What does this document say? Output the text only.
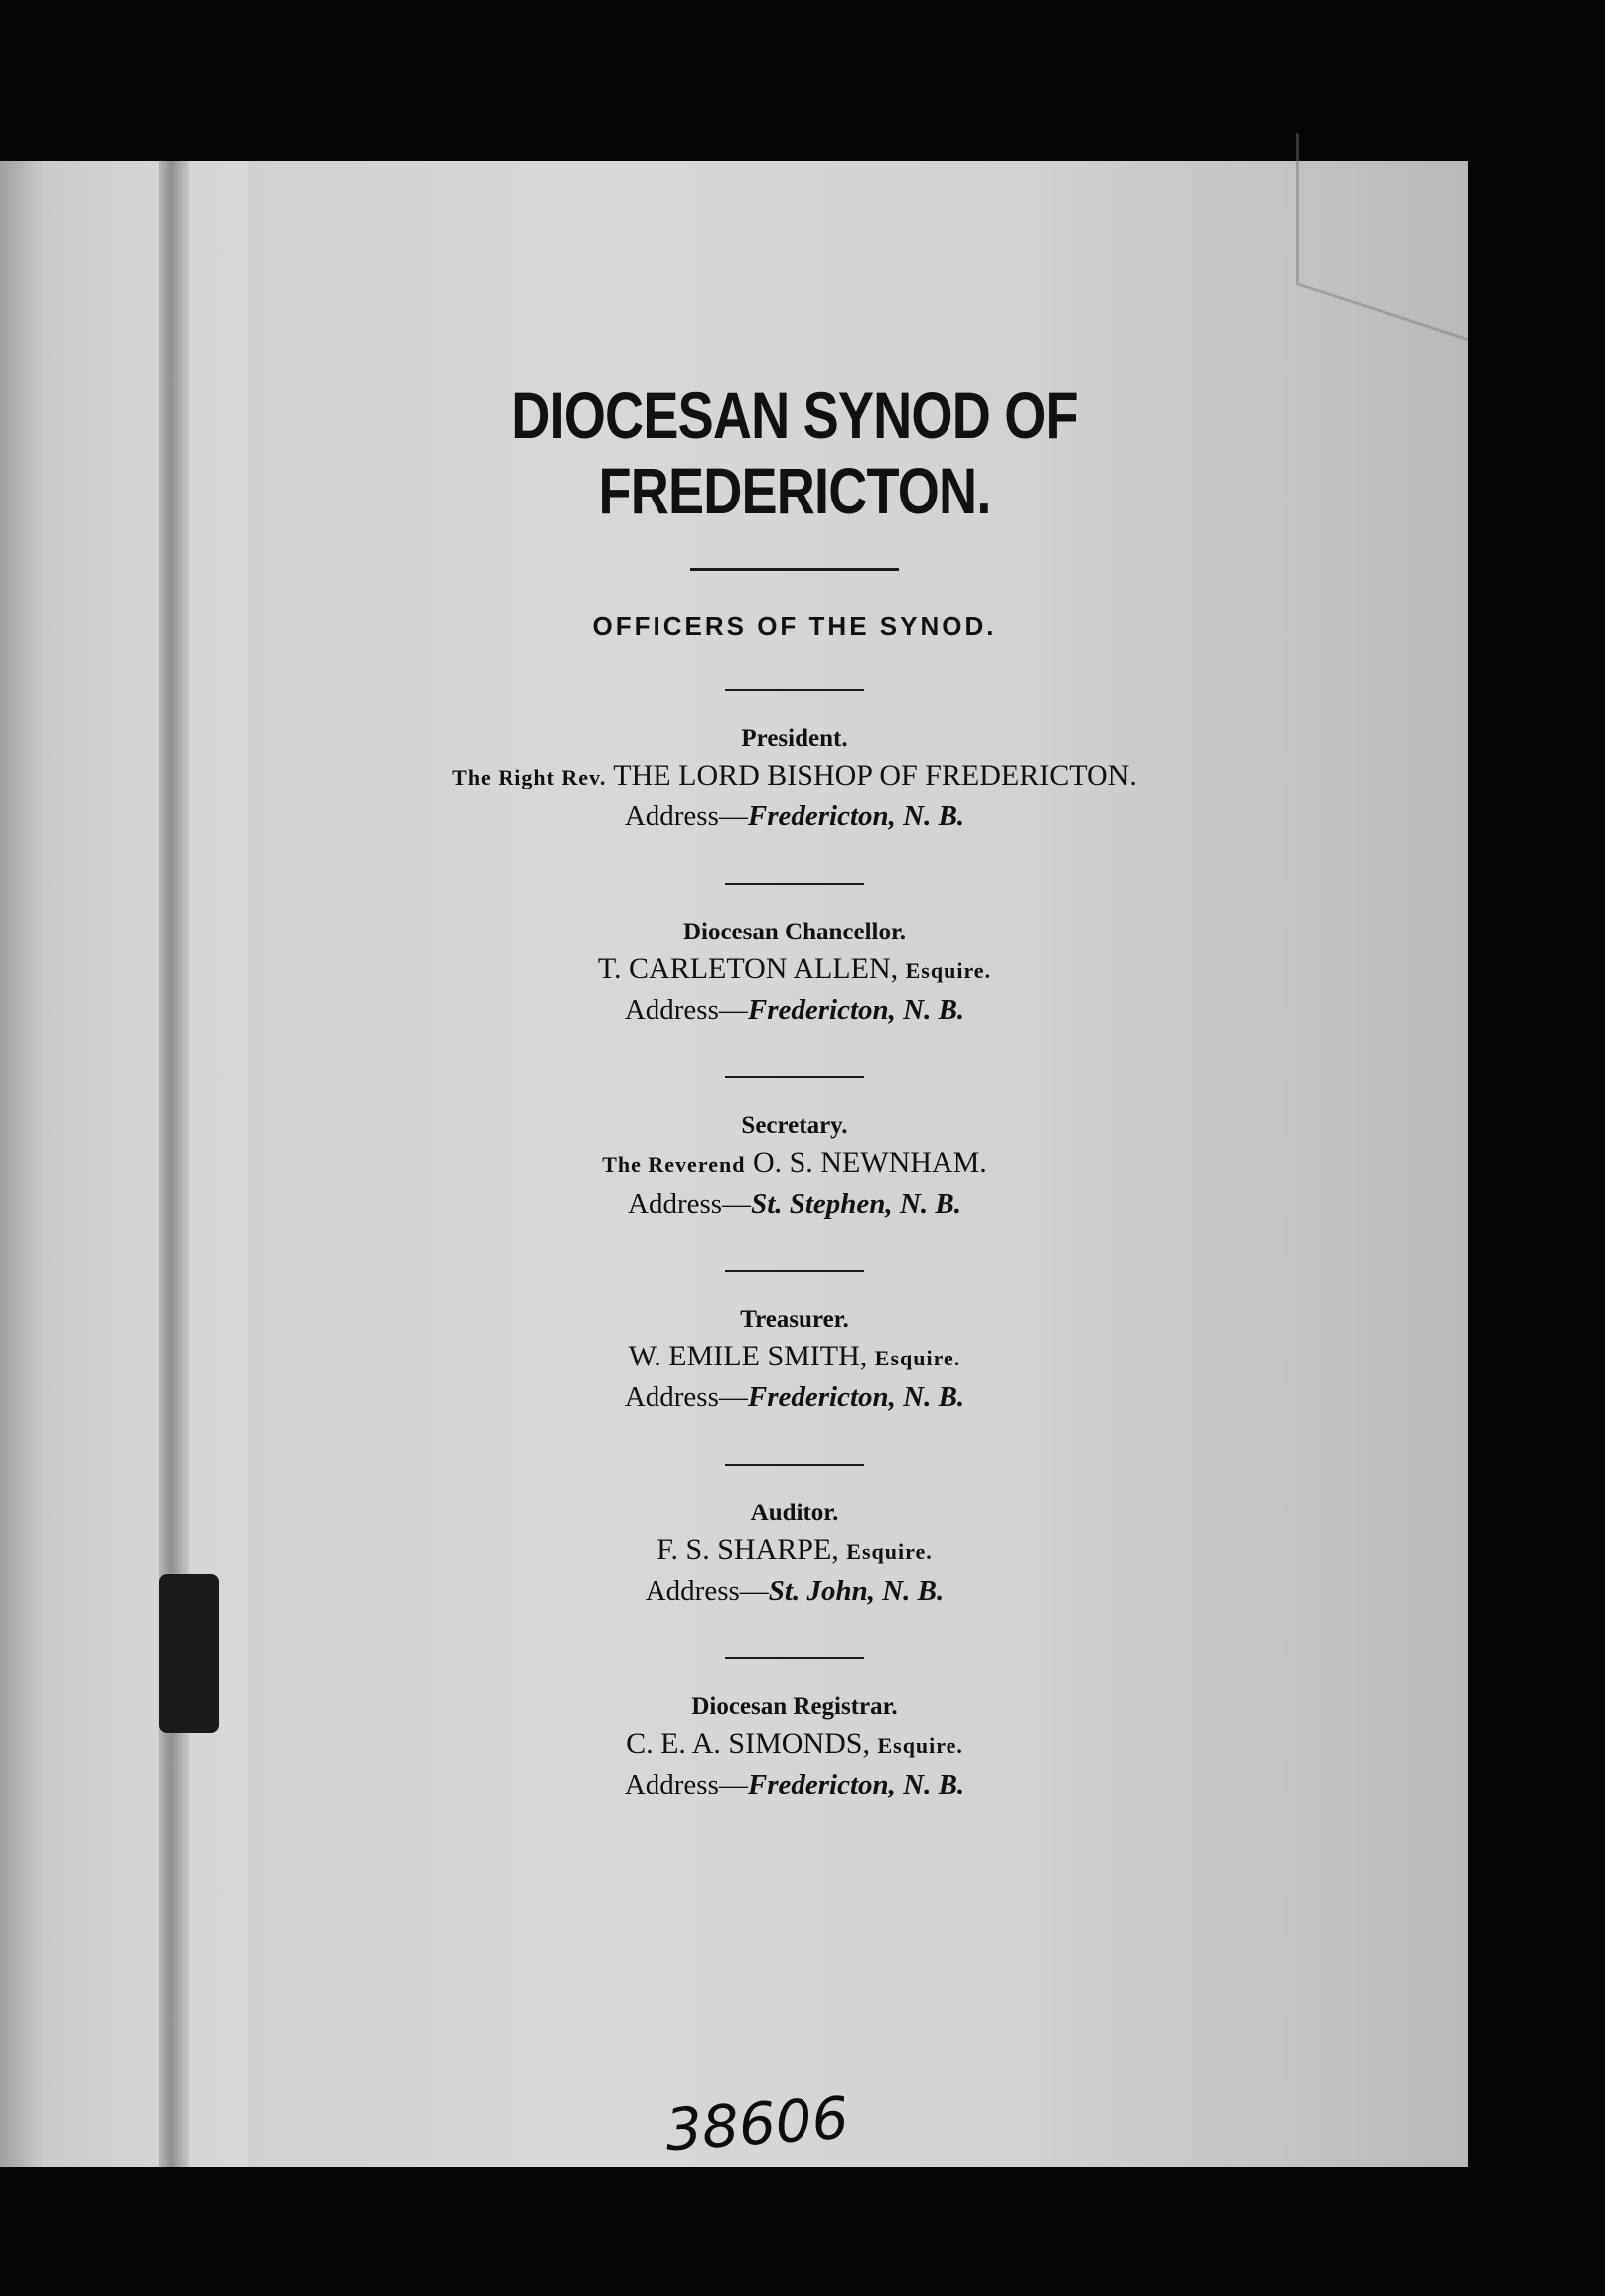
DIOCESAN SYNOD OF FREDERICTON.
OFFICERS OF THE SYNOD.
President.
The Right Rev. THE LORD BISHOP OF FREDERICTON.
Address—Fredericton, N. B.
Diocesan Chancellor.
T. CARLETON ALLEN, Esquire.
Address—Fredericton, N. B.
Secretary.
The Reverend O. S. NEWNHAM.
Address—St. Stephen, N. B.
Treasurer.
W. EMILE SMITH, Esquire.
Address—Fredericton, N. B.
Auditor.
F. S. SHARPE, Esquire.
Address—St. John, N. B.
Diocesan Registrar.
C. E. A. SIMONDS, Esquire.
Address—Fredericton, N. B.
38606
